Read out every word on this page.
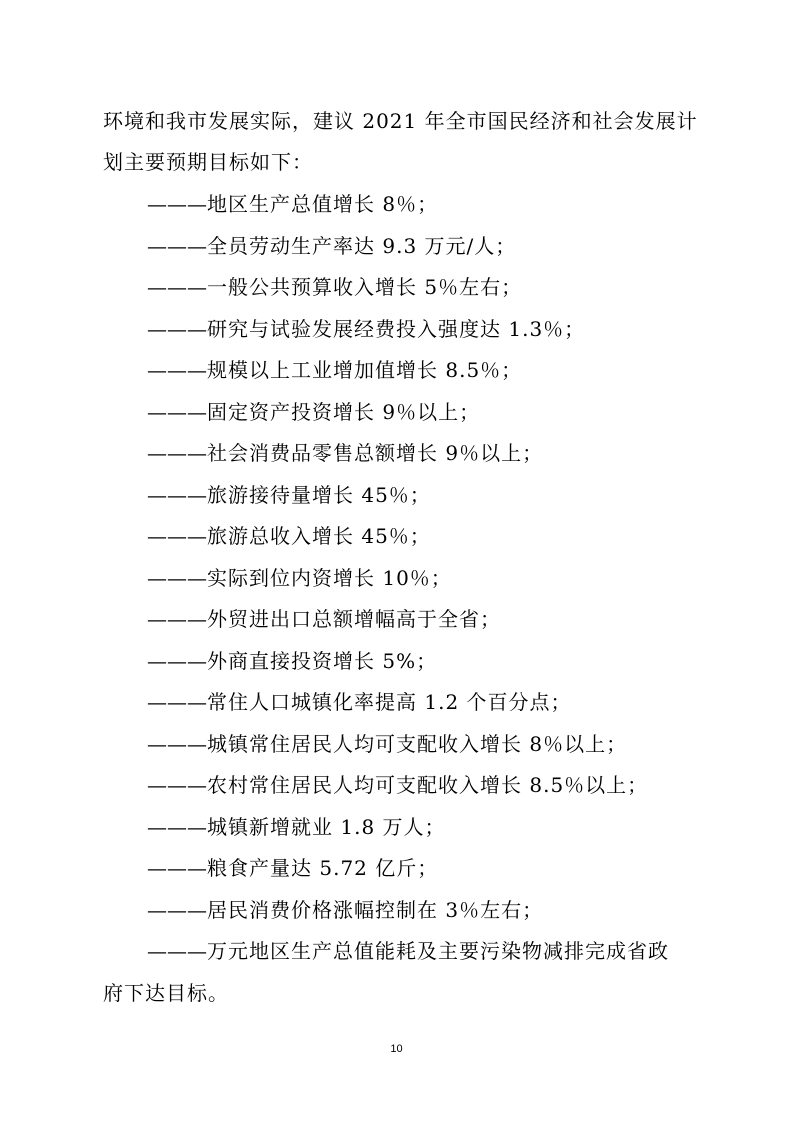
环境和我市发展实际，建议 2021 年全市国民经济和社会发展计

划主要预期目标如下：

———地区生产总值增长 8％；
———全员劳动生产率达 9.3 万元/人；
———一般公共预算收入增长 5％左右；
———研究与试验发展经费投入强度达 1.3％；
———规模以上工业增加值增长 8.5％；
———固定资产投资增长 9％以上；
———社会消费品零售总额增长 9％以上；
———旅游接待量增长 45％；
———旅游总收入增长 45％；
———实际到位内资增长 10％；
———外贸进出口总额增幅高于全省；
———外商直接投资增长 5%；
———常住人口城镇化率提高 1.2 个百分点；
———城镇常住居民人均可支配收入增长 8％以上；
———农村常住居民人均可支配收入增长 8.5％以上；
———城镇新增就业 1.8 万人；
———粮食产量达 5.72 亿斤；
———居民消费价格涨幅控制在 3％左右；
———万元地区生产总值能耗及主要污染物减排完成省政
府下达目标。
10
